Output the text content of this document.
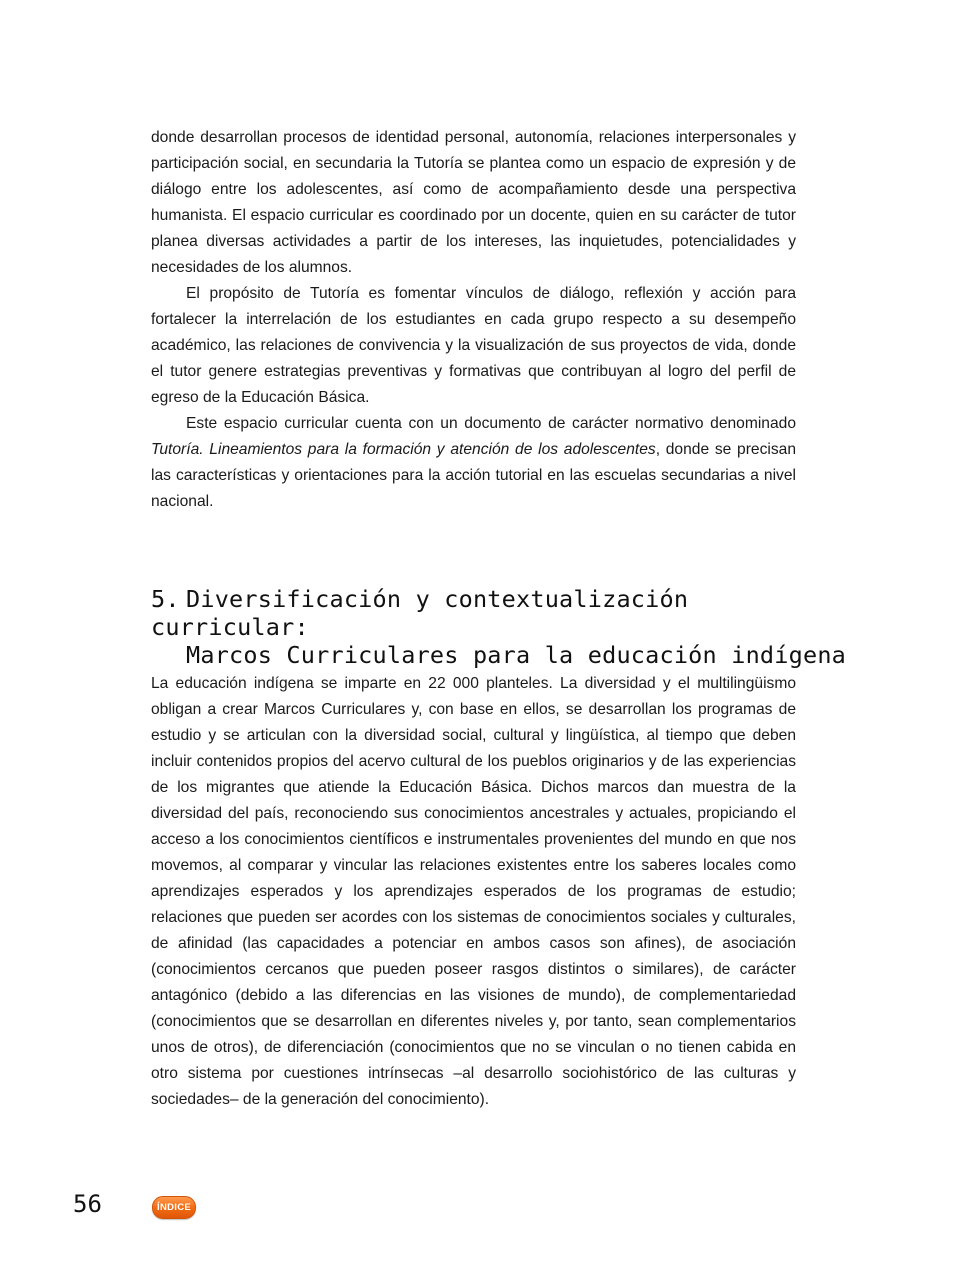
donde desarrollan procesos de identidad personal, autonomía, relaciones interpersonales y participación social, en secundaria la Tutoría se plantea como un espacio de expresión y de diálogo entre los adolescentes, así como de acompañamiento desde una perspectiva humanista. El espacio curricular es coordinado por un docente, quien en su carácter de tutor planea diversas actividades a partir de los intereses, las inquietudes, potencialidades y necesidades de los alumnos.

El propósito de Tutoría es fomentar vínculos de diálogo, reflexión y acción para fortalecer la interrelación de los estudiantes en cada grupo respecto a su desempeño académico, las relaciones de convivencia y la visualización de sus proyectos de vida, donde el tutor genere estrategias preventivas y formativas que contribuyan al logro del perfil de egreso de la Educación Básica.

Este espacio curricular cuenta con un documento de carácter normativo denominado Tutoría. Lineamientos para la formación y atención de los adolescentes, donde se precisan las características y orientaciones para la acción tutorial en las escuelas secundarias a nivel nacional.

5. Diversificación y contextualización curricular:
Marcos Curriculares para la educación indígena

La educación indígena se imparte en 22 000 planteles. La diversidad y el multilingüismo obligan a crear Marcos Curriculares y, con base en ellos, se desarrollan los programas de estudio y se articulan con la diversidad social, cultural y lingüística, al tiempo que deben incluir contenidos propios del acervo cultural de los pueblos originarios y de las experiencias de los migrantes que atiende la Educación Básica. Dichos marcos dan muestra de la diversidad del país, reconociendo sus conocimientos ancestrales y actuales, propiciando el acceso a los conocimientos científicos e instrumentales provenientes del mundo en que nos movemos, al comparar y vincular las relaciones existentes entre los saberes locales como aprendizajes esperados y los aprendizajes esperados de los programas de estudio; relaciones que pueden ser acordes con los sistemas de conocimientos sociales y culturales, de afinidad (las capacidades a potenciar en ambos casos son afines), de asociación (conocimientos cercanos que pueden poseer rasgos distintos o similares), de carácter antagónico (debido a las diferencias en las visiones de mundo), de complementariedad (conocimientos que se desarrollan en diferentes niveles y, por tanto, sean complementarios unos de otros), de diferenciación (conocimientos que no se vinculan o no tienen cabida en otro sistema por cuestiones intrínsecas –al desarrollo sociohistórico de las culturas y sociedades– de la generación del conocimiento).

56	ÍNDICE
